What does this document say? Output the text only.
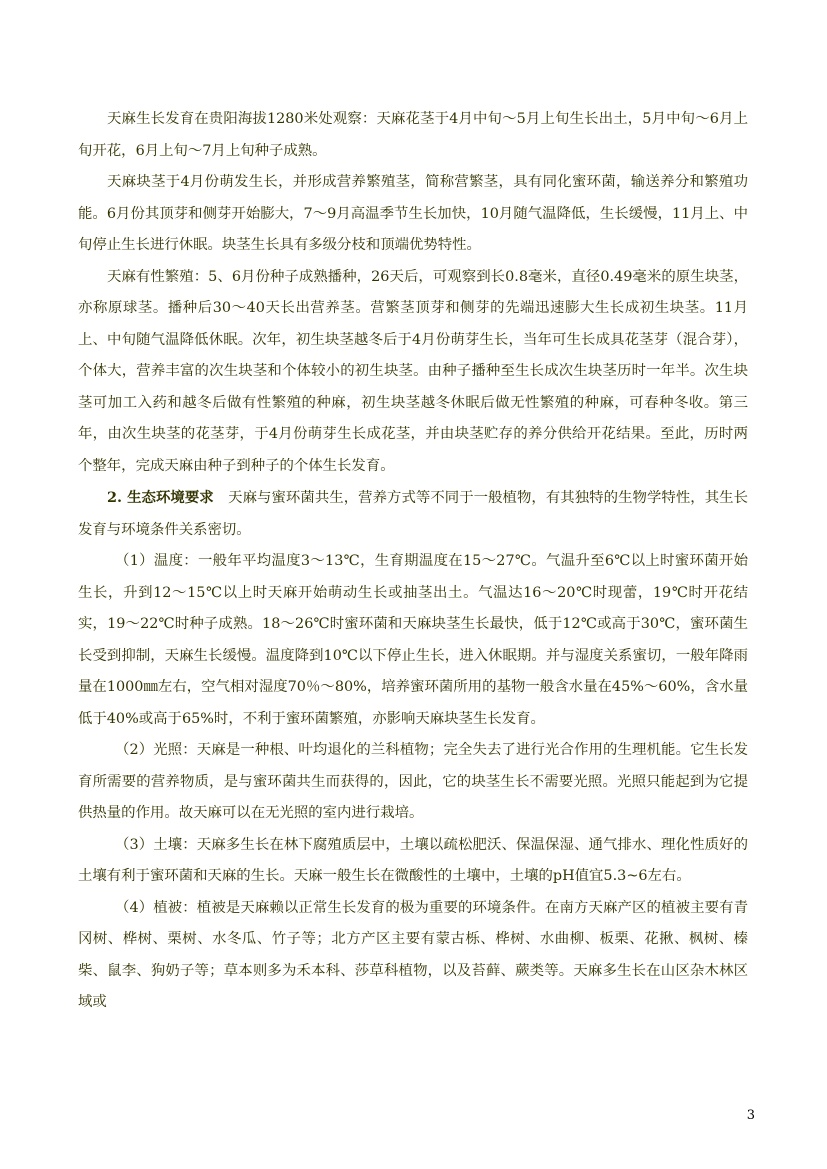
天麻生长发育在贵阳海拔1280米处观察：天麻花茎于4月中旬～5月上旬生长出土，5月中旬～6月上旬开花，6月上旬～7月上旬种子成熟。

天麻块茎于4月份萌发生长，并形成营养繁殖茎，简称营繁茎，具有同化蜜环菌，输送养分和繁殖功能。6月份其顶芽和侧芽开始膨大，7～9月高温季节生长加快，10月随气温降低，生长缓慢，11月上、中旬停止生长进行休眠。块茎生长具有多级分枝和顶端优势特性。

天麻有性繁殖：5、6月份种子成熟播种，26天后，可观察到长0.8毫米，直径0.49毫米的原生块茎，亦称原球茎。播种后30～40天长出营养茎。营繁茎顶芽和侧芽的先端迅速膨大生长成初生块茎。11月上、中旬随气温降低休眠。次年，初生块茎越冬后于4月份萌芽生长，当年可生长成具花茎芽（混合芽），个体大，营养丰富的次生块茎和个体较小的初生块茎。由种子播种至生长成次生块茎历时一年半。次生块茎可加工入药和越冬后做有性繁殖的种麻，初生块茎越冬休眠后做无性繁殖的种麻，可春种冬收。第三年，由次生块茎的花茎芽，于4月份萌芽生长成花茎，并由块茎贮存的养分供给开花结果。至此，历时两个整年，完成天麻由种子到种子的个体生长发育。

2. 生态环境要求　天麻与蜜环菌共生，营养方式等不同于一般植物，有其独特的生物学特性，其生长发育与环境条件关系密切。

（1）温度：一般年平均温度3～13℃，生育期温度在15～27℃。气温升至6℃以上时蜜环菌开始生长，升到12～15℃以上时天麻开始萌动生长或抽茎出土。气温达16～20℃时现蕾，19℃时开花结实，19～22℃时种子成熟。18～26℃时蜜环菌和天麻块茎生长最快，低于12℃或高于30℃，蜜环菌生长受到抑制，天麻生长缓慢。温度降到10℃以下停止生长，进入休眠期。并与湿度关系蜜切，一般年降雨量在1000㎜左右，空气相对湿度70％～80%，培养蜜环菌所用的基物一般含水量在45%～60%，含水量低于40%或高于65%时，不利于蜜环菌繁殖，亦影响天麻块茎生长发育。

（2）光照：天麻是一种根、叶均退化的兰科植物；完全失去了进行光合作用的生理机能。它生长发育所需要的营养物质，是与蜜环菌共生而获得的，因此，它的块茎生长不需要光照。光照只能起到为它提供热量的作用。故天麻可以在无光照的室内进行栽培。

（3）土壤：天麻多生长在林下腐殖质层中，土壤以疏松肥沃、保温保湿、通气排水、理化性质好的土壤有利于蜜环菌和天麻的生长。天麻一般生长在微酸性的土壤中，土壤的pH值宜5.3~6左右。

（4）植被：植被是天麻赖以正常生长发育的极为重要的环境条件。在南方天麻产区的植被主要有青冈树、桦树、栗树、水冬瓜、竹子等；北方产区主要有蒙古栎、桦树、水曲柳、板栗、花揪、枫树、榛柴、鼠李、狗奶子等；草本则多为禾本科、莎草科植物，以及苔藓、蕨类等。天麻多生长在山区杂木林区域或

3
